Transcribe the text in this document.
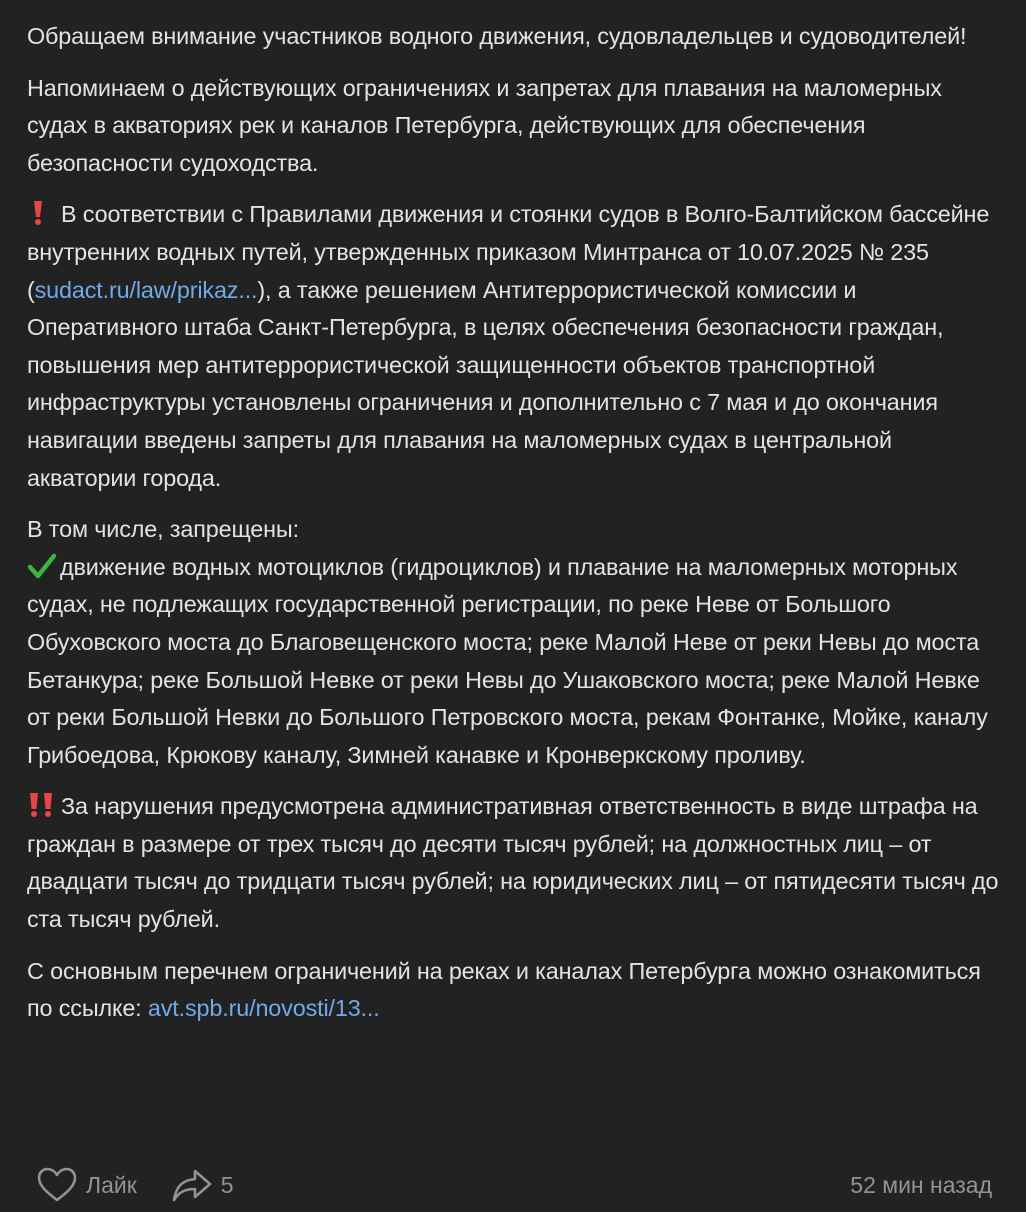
Обращаем внимание участников водного движения, судовладельцев и судоводителей!

Напоминаем о действующих ограничениях и запретах для плавания на маломерных судах в акваториях рек и каналов Петербурга, действующих для обеспечения безопасности судоходства.

В соответствии с Правилами движения и стоянки судов в Волго-Балтийском бассейне внутренних водных путей, утвержденных приказом Минтранса от 10.07.2025 № 235 (sudact.ru/law/prikaz...), а также решением Антитеррористической комиссии и Оперативного штаба Санкт-Петербурга, в целях обеспечения безопасности граждан, повышения мер антитеррористической защищенности объектов транспортной инфраструктуры установлены ограничения и дополнительно с 7 мая и до окончания навигации введены запреты для плавания на маломерных судах в центральной акватории города.

В том числе, запрещены:
движение водных мотоциклов (гидроциклов) и плавание на маломерных моторных судах, не подлежащих государственной регистрации, по реке Неве от Большого Обуховского моста до Благовещенского моста; реке Малой Неве от реки Невы до моста Бетанкура; реке Большой Невке от реки Невы до Ушаковского моста; реке Малой Невке от реки Большой Невки до Большого Петровского моста, рекам Фонтанке, Мойке, каналу Грибоедова, Крюкову каналу, Зимней канавке и Кронверкскому проливу.

За нарушения предусмотрена административная ответственность в виде штрафа на граждан в размере от трех тысяч до десяти тысяч рублей; на должностных лиц – от двадцати тысяч до тридцати тысяч рублей; на юридических лиц – от пятидесяти тысяч до ста тысяч рублей.

С основным перечнем ограничений на реках и каналах Петербурга можно ознакомиться по ссылке: avt.spb.ru/novosti/13...

Лайк	5	52 мин назад
